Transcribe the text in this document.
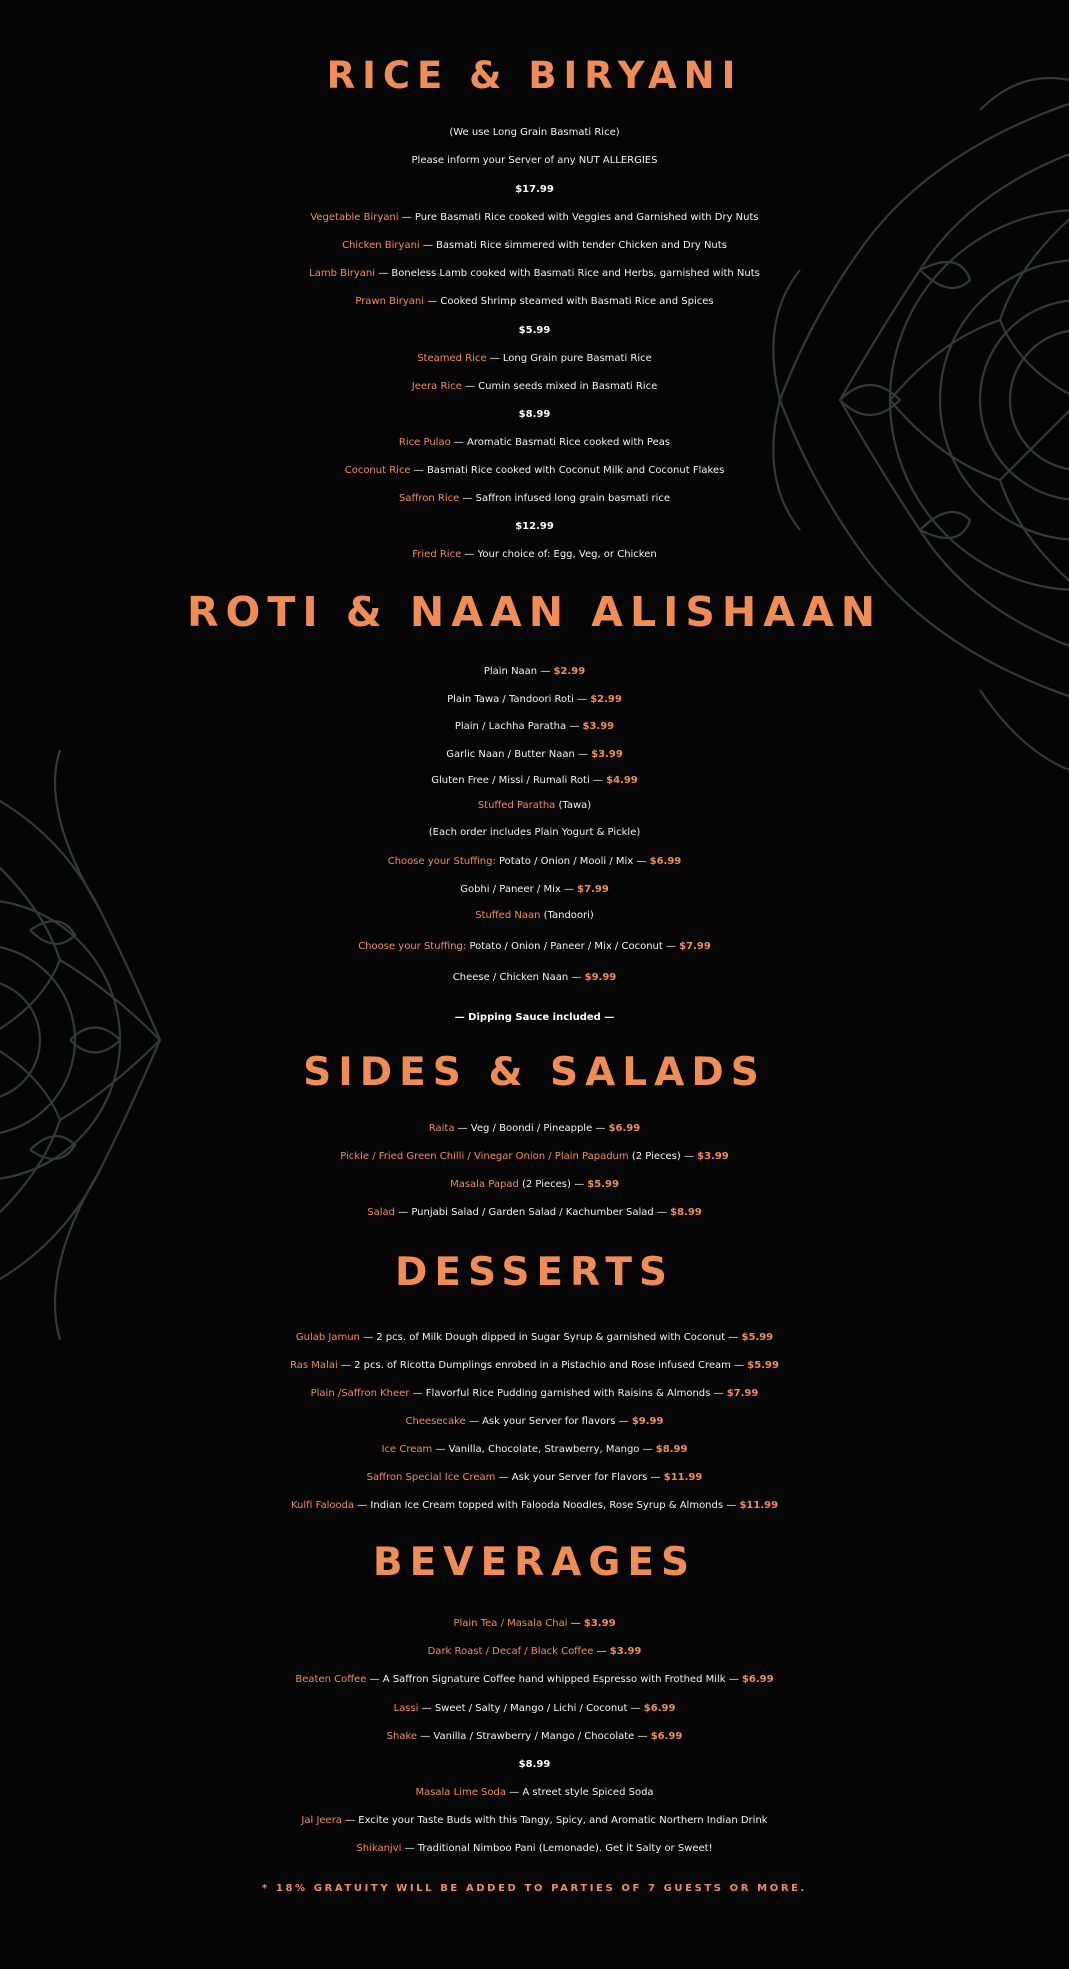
RICE & BIRYANI
(We use Long Grain Basmati Rice)
Please inform your Server of any NUT ALLERGIES
$17.99
Vegetable Biryani — Pure Basmati Rice cooked with Veggies and Garnished with Dry Nuts
Chicken Biryani — Basmati Rice simmered with tender Chicken and Dry Nuts
Lamb Biryani — Boneless Lamb cooked with Basmati Rice and Herbs, garnished with Nuts
Prawn Biryani — Cooked Shrimp steamed with Basmati Rice and Spices
$5.99
Steamed Rice — Long Grain pure Basmati Rice
Jeera Rice — Cumin seeds mixed in Basmati Rice
$8.99
Rice Pulao — Aromatic Basmati Rice cooked with Peas
Coconut Rice — Basmati Rice cooked with Coconut Milk and Coconut Flakes
Saffron Rice — Saffron infused long grain basmati rice
$12.99
Fried Rice — Your choice of: Egg, Veg, or Chicken
ROTI & NAAN ALISHAAN
Plain Naan — $2.99
Plain Tawa / Tandoori Roti — $2.99
Plain / Lachha Paratha — $3.99
Garlic Naan / Butter Naan — $3.99
Gluten Free / Missi / Rumali Roti — $4.99
Stuffed Paratha (Tawa)
(Each order includes Plain Yogurt & Pickle)
Choose your Stuffing: Potato / Onion / Mooli / Mix — $6.99
Gobhi / Paneer / Mix — $7.99
Stuffed Naan (Tandoori)
Choose your Stuffing: Potato / Onion / Paneer / Mix / Coconut — $7.99
Cheese / Chicken Naan — $9.99
— Dipping Sauce included —
SIDES & SALADS
Raita — Veg / Boondi / Pineapple — $6.99
Pickle / Fried Green Chilli / Vinegar Onion / Plain Papadum (2 Pieces) — $3.99
Masala Papad (2 Pieces) — $5.99
Salad — Punjabi Salad / Garden Salad / Kachumber Salad — $8.99
DESSERTS
Gulab Jamun — 2 pcs. of Milk Dough dipped in Sugar Syrup & garnished with Coconut — $5.99
Ras Malai — 2 pcs. of Ricotta Dumplings enrobed in a Pistachio and Rose infused Cream — $5.99
Plain /Saffron Kheer — Flavorful Rice Pudding garnished with Raisins & Almonds — $7.99
Cheesecake — Ask your Server for flavors — $9.99
Ice Cream — Vanilla, Chocolate, Strawberry, Mango — $8.99
Saffron Special Ice Cream — Ask your Server for Flavors — $11.99
Kulfi Falooda — Indian Ice Cream topped with Falooda Noodles, Rose Syrup & Almonds — $11.99
BEVERAGES
Plain Tea / Masala Chai — $3.99
Dark Roast / Decaf / Black Coffee — $3.99
Beaten Coffee — A Saffron Signature Coffee hand whipped Espresso with Frothed Milk — $6.99
Lassi — Sweet / Salty / Mango / Lichi / Coconut — $6.99
Shake — Vanilla / Strawberry / Mango / Chocolate — $6.99
$8.99
Masala Lime Soda — A street style Spiced Soda
Jal Jeera — Excite your Taste Buds with this Tangy, Spicy, and Aromatic Northern Indian Drink
Shikanjvi — Traditional Nimboo Pani (Lemonade). Get it Salty or Sweet!
* 18% GRATUITY WILL BE ADDED TO PARTIES OF 7 GUESTS OR MORE.
